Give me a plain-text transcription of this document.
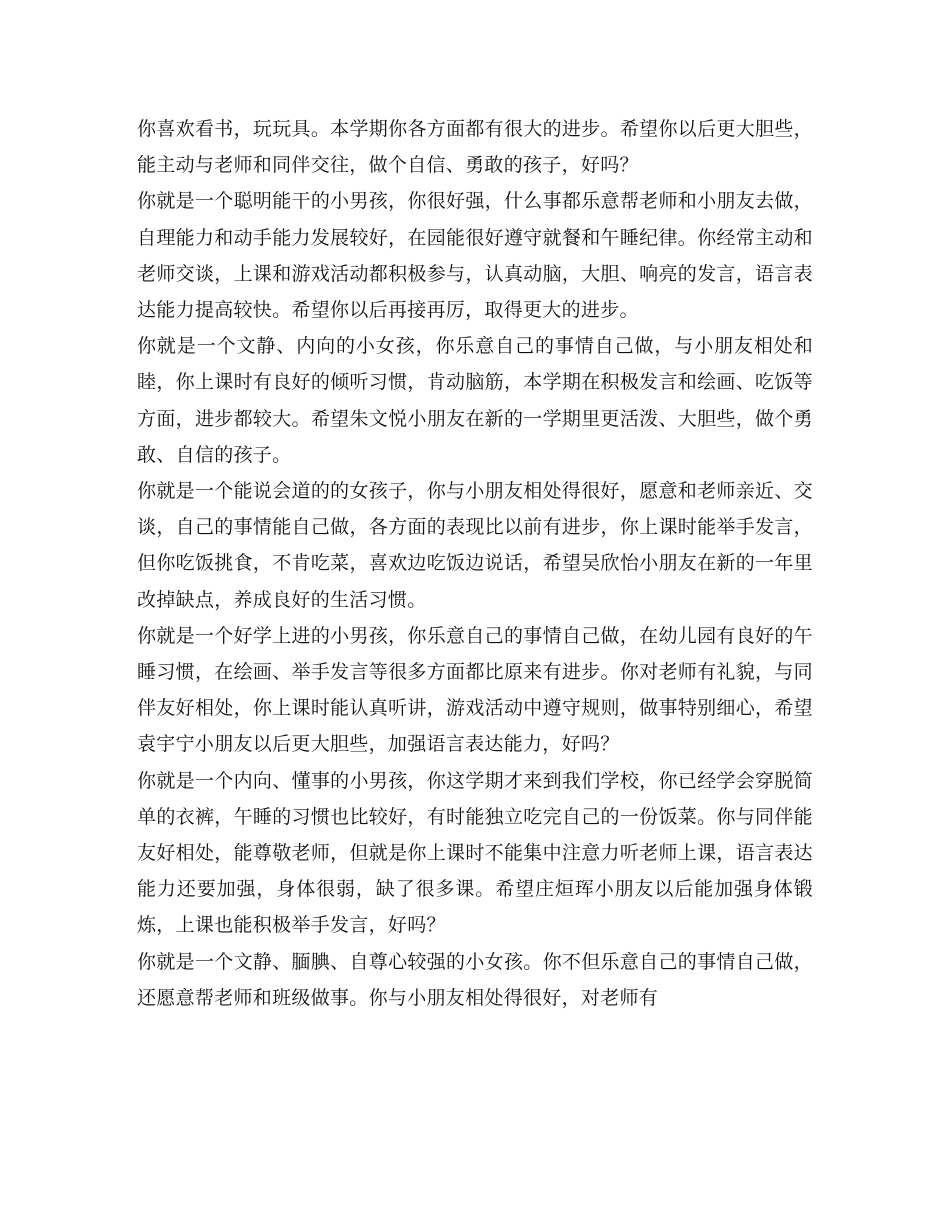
你喜欢看书，玩玩具。本学期你各方面都有很大的进步。希望你以后更大胆些，能主动与老师和同伴交往，做个自信、勇敢的孩子，好吗？

你就是一个聪明能干的小男孩，你很好强，什么事都乐意帮老师和小朋友去做，自理能力和动手能力发展较好，在园能很好遵守就餐和午睡纪律。你经常主动和老师交谈，上课和游戏活动都积极参与，认真动脑，大胆、响亮的发言，语言表达能力提高较快。希望你以后再接再厉，取得更大的进步。

你就是一个文静、内向的小女孩，你乐意自己的事情自己做，与小朋友相处和睦，你上课时有良好的倾听习惯，肯动脑筋，本学期在积极发言和绘画、吃饭等方面，进步都较大。希望朱文悦小朋友在新的一学期里更活泼、大胆些，做个勇敢、自信的孩子。

你就是一个能说会道的的女孩子，你与小朋友相处得很好，愿意和老师亲近、交谈，自己的事情能自己做，各方面的表现比以前有进步，你上课时能举手发言，但你吃饭挑食，不肯吃菜，喜欢边吃饭边说话，希望吴欣怡小朋友在新的一年里改掉缺点，养成良好的生活习惯。

你就是一个好学上进的小男孩，你乐意自己的事情自己做，在幼儿园有良好的午睡习惯，在绘画、举手发言等很多方面都比原来有进步。你对老师有礼貌，与同伴友好相处，你上课时能认真听讲，游戏活动中遵守规则，做事特别细心，希望袁宇宁小朋友以后更大胆些，加强语言表达能力，好吗？

你就是一个内向、懂事的小男孩，你这学期才来到我们学校，你已经学会穿脱简单的衣裤，午睡的习惯也比较好，有时能独立吃完自己的一份饭菜。你与同伴能友好相处，能尊敬老师，但就是你上课时不能集中注意力听老师上课，语言表达能力还要加强，身体很弱，缺了很多课。希望庄烜珲小朋友以后能加强身体锻炼，上课也能积极举手发言，好吗？

你就是一个文静、腼腆、自尊心较强的小女孩。你不但乐意自己的事情自己做，还愿意帮老师和班级做事。你与小朋友相处得很好，对老师有
